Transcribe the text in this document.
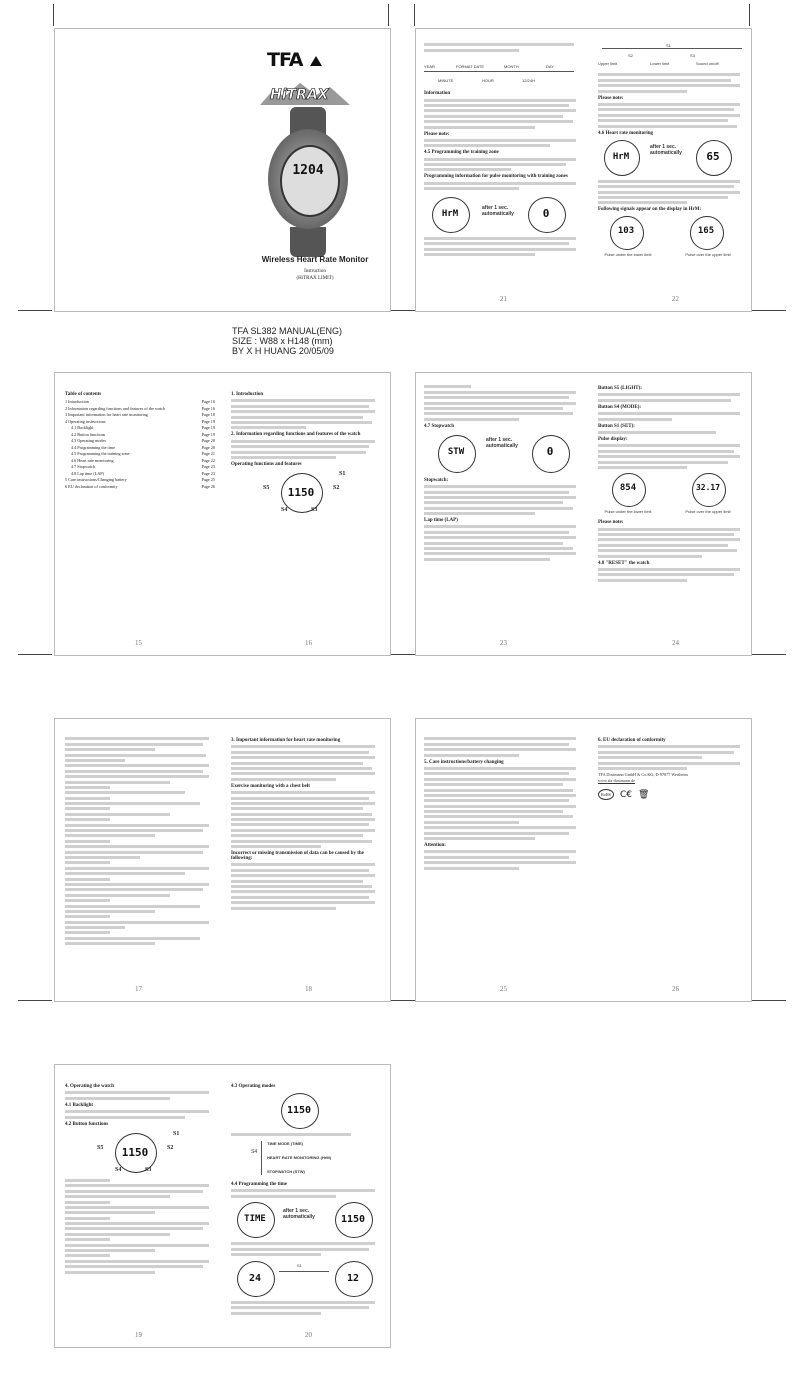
TFA
HiTRAX
1204
Wireless Heart Rate Monitor
Instruction
(HiTRAX LIMIT)
YEAR	FORMAT DATE	MONTH	DAY
MINUTE	HOUR	12/24H
Information
Please note:
4.5 Programming the training zone
Programming information for pulse monitoring with training zones
HrM
after 1 sec. automatically	0
21
S1
S2	S3
Upper limit	Lower limit	Sound on/off
Please note:
4.6 Heart rate monitoring
HrM
after 1 sec. automatically	65
Following signals appear on the display in HrM:
103	165
Pulse under the lower limit	Pulse over the upper limit
22
TFA SL382 MANUAL(ENG)
SIZE : W88 x H148 (mm)
BY X H HUANG 20/05/09
Table of contents
1 Introduction	Page 16
2 Information regarding functions and features of the watch	Page 16
3 Important information for heart rate monitoring	Page 18
4 Operating instructions	Page 19
4.1 Backlight	Page 19
4.2 Button functions	Page 19
4.3 Operating modes	Page 20
4.4 Programming the time	Page 20
4.5 Programming the training zone	Page 21
4.6 Heart rate monitoring	Page 22
4.7 Stopwatch	Page 23
4.8 Lap time (LAP)	Page 23
5 Care instructions/Changing battery	Page 25
6 EU declaration of conformity	Page 26
15
1. Introduction
2. Information regarding functions and features of the watch
Operating functions and features
1150
S1
S2
S3
S4
S5
16
4.7 Stopwatch
STW
after 1 sec. automatically	0
Stopwatch:
Lap time (LAP)
23
Button S5 (LIGHT):
Button S4 (MODE):
Button S1 (SET):
Pulse display:
854	32.17
Pulse under the lower limit	Pulse over the upper limit
Please note:
4.8 "RESET" the watch
24
17
3. Important information for heart rate monitoring
Exercise monitoring with a chest belt
Incorrect or missing transmission of data can be caused by the following:
18
5. Care instructions/battery changing
Attention:
25
6. EU declaration of conformity
TFA Dostmann GmbH & Co.KG, D-97877 Wertheim
www.tfa-dostmann.de
RoHS	C€ 🗑
26
4. Operating the watch
4.1 Backlight
4.2 Button functions
1150
S1
S2
S3
S4
S5
19
4.3 Operating modes
1150
S4
TIME MODE (TIME)
HEART RATE MONITORING (HrM)
STOPWATCH (STW)
4.4 Programming the time
TIME
after 1 sec. automatically	1150
24
S1
12
20
